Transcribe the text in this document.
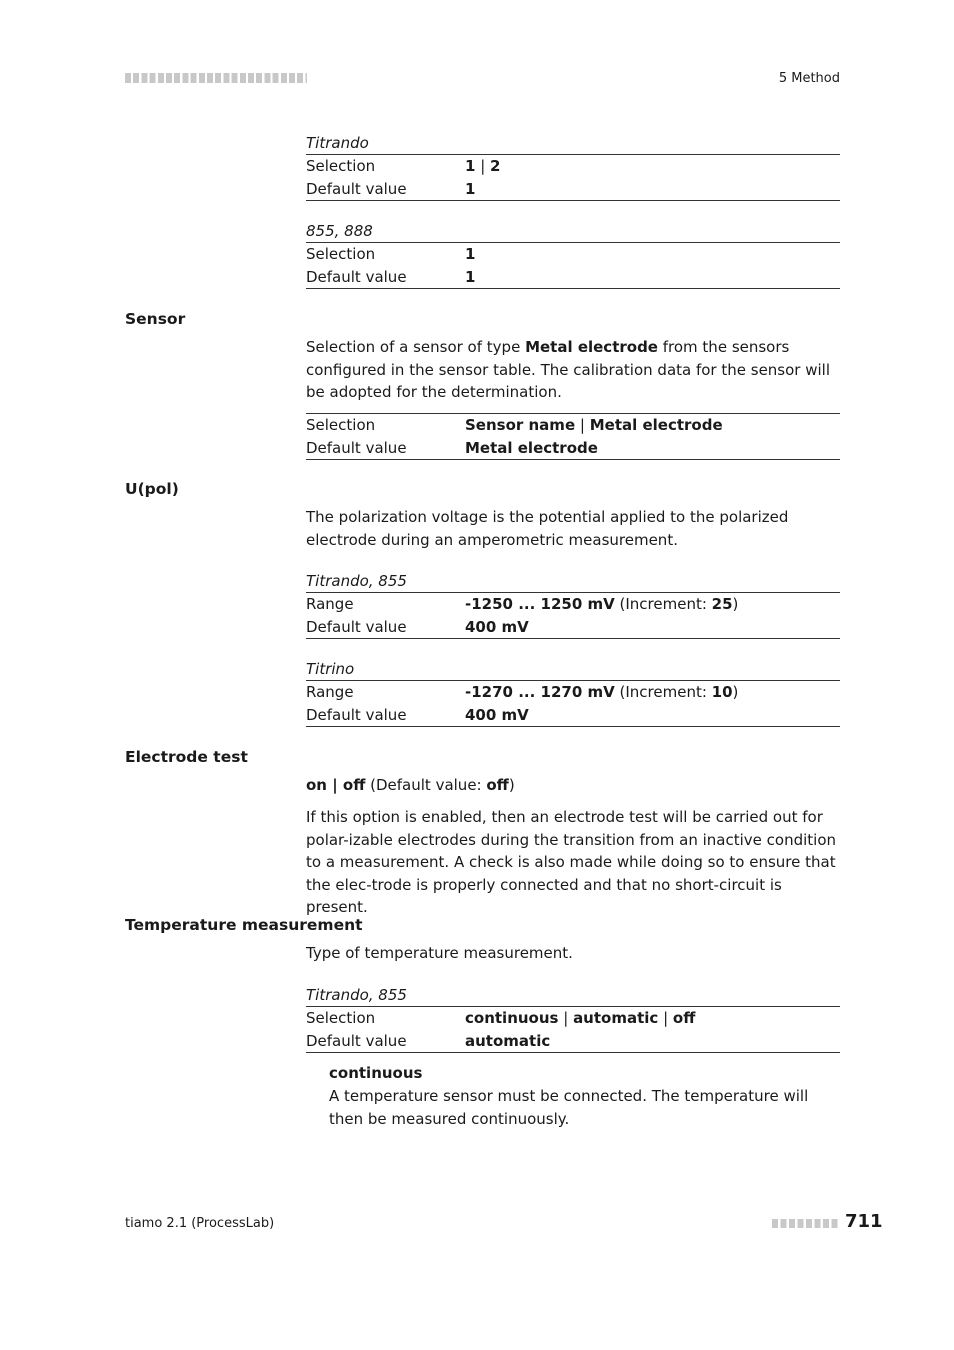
5 Method
Titrando
Selection	1 | 2
Default value	1
855, 888
Selection	1
Default value	1
Sensor
Selection of a sensor of type Metal electrode from the sensors configured in the sensor table. The calibration data for the sensor will be adopted for the determination.
Selection	Sensor name | Metal electrode
Default value	Metal electrode
U(pol)
The polarization voltage is the potential applied to the polarized electrode during an amperometric measurement.
Titrando, 855
Range	-1250 ... 1250 mV (Increment: 25)
Default value	400 mV
Titrino
Range	-1270 ... 1270 mV (Increment: 10)
Default value	400 mV
Electrode test
on | off (Default value: off)
If this option is enabled, then an electrode test will be carried out for polar-izable electrodes during the transition from an inactive condition to a measurement. A check is also made while doing so to ensure that the elec-trode is properly connected and that no short-circuit is present.
Temperature measurement
Type of temperature measurement.
Titrando, 855
Selection	continuous | automatic | off
Default value	automatic
continuous
A temperature sensor must be connected. The temperature will then be measured continuously.
tiamo 2.1 (ProcessLab)	711
